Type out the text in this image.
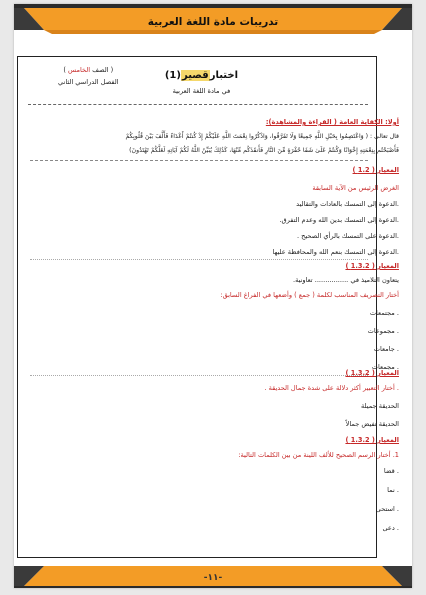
تدريبات مادة اللغة العربية
-١١-
اختبارقصير(1)
في مادة اللغة العربية
( الصف الخامس )
الفصل الدراسي الثاني
أولا: الكفاية العامة ( القراءة والمشاهدة):
قال تعالى : ( وَاعْتَصِمُوا بِحَبْلِ اللَّهِ جَمِيعًا وَلَا تَفَرَّقُوا، وَاذْكُرُوا نِعْمَتَ اللَّهِ عَلَيْكُمْ إِذْ كُنتُمْ أَعْدَاءً فَأَلَّفَ بَيْنَ قُلُوبِكُمْ
فَأَصْبَحْتُم بِنِعْمَتِهِ إِخْوَانًا وَكُنتُمْ عَلَىٰ شَفَا حُفْرَةٍ مِّنَ النَّارِ فَأَنقَذَكُم مِّنْهَا، كَذَٰلِكَ يُبَيِّنُ اللَّهُ لَكُمْ آيَاتِهِ لَعَلَّكُمْ تَهْتَدُونَ)
المعيار ( 1.2 )
الغرض الرئيس من الآية السابقة
.الدعوة إلى التمسك بالعادات والتقاليد
.الدعوة إلى التمسك بدين الله وعدم التفرق.
.الدعوة على التمسك بالرأي الصحيح .
.الدعوة إلى التمسك بنعم الله والمحافظة عليها
المعيار ( 1.3.2 )
يتعاون التلاميذ في ................ تعاونية.
أختار التصريف المناسب لكلمة ( جمع ) وأضعها في الفراغ السابق:
. مجتمعات
. مجموعات
. جامعات
. مجمعات
المعيار ( 1.3.2 )
. أختار التعبير أكثر دلالة على شدة جمال الحديقة .
الحديقة جميلة
الحديقة تفيض جمالاً
المعيار ( 1.3.2 )
1. أختار الرسم الصحيح للألف اللينة من بين الكلمات التالية:
. قضا
. نما
. استحى
. دعى
